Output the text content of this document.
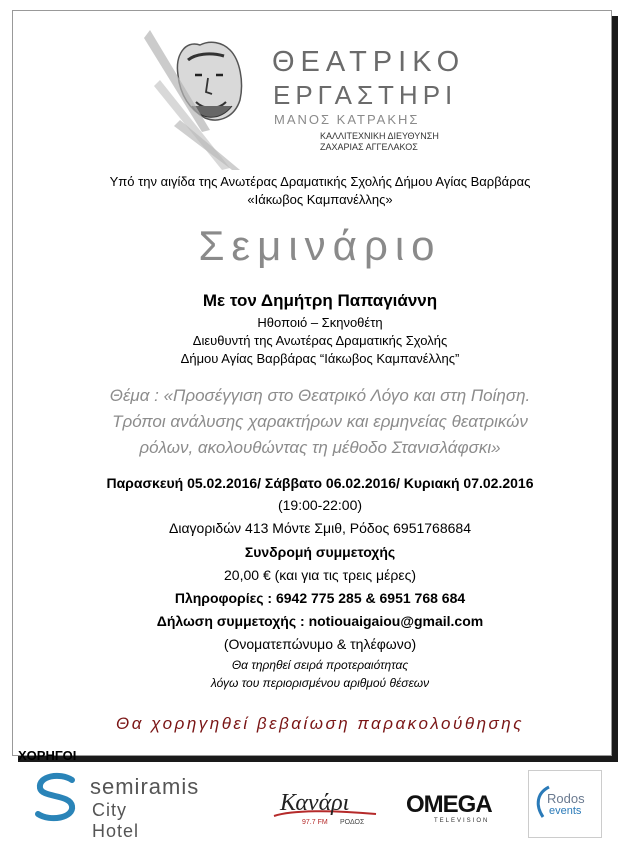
ΘΕΑΤΡΙΚΟ
ΕΡΓΑΣΤΗΡΙ
ΜΑΝΟΣ ΚΑΤΡΑΚΗΣ
ΚΑΛΛΙΤΕΧΝΙΚΗ ΔΙΕΥΘΥΝΣΗ
ΖΑΧΑΡΙΑΣ ΑΓΓΕΛΑΚΟΣ
Υπό την αιγίδα της Ανωτέρας Δραματικής Σχολής Δήμου Αγίας Βαρβάρας
«Ιάκωβος Καμπανέλλης»
Σεμινάριο
Με τον Δημήτρη Παπαγιάννη
Ηθοποιό – Σκηνοθέτη
Διευθυντή της Ανωτέρας Δραματικής Σχολής
Δήμου Αγίας Βαρβάρας “Ιάκωβος Καμπανέλλης”
Θέμα : «Προσέγγιση στο Θεατρικό Λόγο και στη Ποίηση.
Τρόποι ανάλυσης χαρακτήρων και ερμηνείας θεατρικών
ρόλων, ακολουθώντας τη μέθοδο Στανισλάφσκι»
Παρασκευή 05.02.2016/ Σάββατο 06.02.2016/ Κυριακή 07.02.2016
(19:00-22:00)
Διαγοριδών 413 Μόντε Σμιθ, Ρόδος 6951768684
Συνδρομή συμμετοχής
20,00 € (και για τις τρεις μέρες)
Πληροφορίες : 6942 775 285 & 6951 768 684
Δήλωση συμμετοχής : notiouaigaiou@gmail.com
(Ονοματεπώνυμο & τηλέφωνο)
Θα τηρηθεί σειρά προτεραιότητας
λόγω του περιορισμένου αριθμού θέσεων
Θα χορηγηθεί βεβαίωση παρακολούθησης
ΧΟΡΗΓΟΙ
semiramis
City Hotel
Κανάρι
97.7 FM ΡΟΔΟΣ
OMEGA
TELEVISION
Rodos
events
